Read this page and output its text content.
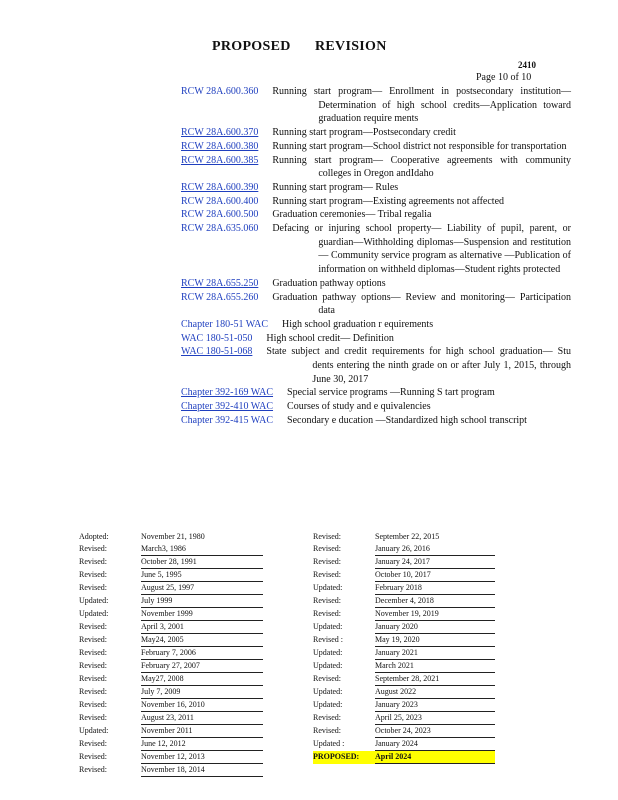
PROPOSED REVISION
2410
Page 10 of 10
RCW 28A.600.360 Running start program— Enrollment in postsecondary institution—Determination of high school credits—Application toward graduation require ments
RCW 28A.600.370 Running start program—Postsecondary credit
RCW 28A.600.380 Running start program—School district not responsible for transportation
RCW 28A.600.385 Running start program— Cooperative agreements with community colleges in Oregon andIdaho
RCW 28A.600.390 Running start program— Rules
RCW 28A.600.400 Running start program—Existing agreements not affected
RCW 28A.600.500 Graduation ceremonies— Tribal regalia
RCW 28A.635.060 Defacing or injuring school property— Liability of pupil, parent, or guardian—Withholding diplomas—Suspension and restitution— Community service program as alternative —Publication of information on withheld diplomas—Student rights protected
RCW 28A.655.250 Graduation pathway options
RCW 28A.655.260 Graduation pathway options— Review and monitoring— Participation data
Chapter 180-51 WAC High school graduation r equirements
WAC 180-51-050 High school credit— Definition
WAC 180-51-068 State subject and credit requirements for high school graduation— Stu dents entering the ninth grade on or after July 1, 2015, through June 30, 2017
Chapter 392-169 WAC Special service programs —Running S tart program
Chapter 392-410 WAC Courses of study and e quivalencies
Chapter 392-415 WAC Secondary e ducation —Standardized high school transcript
Adopted:	November 21, 1980
Revised:	March3, 1986
Revised:	October 28, 1991
Revised:	June 5, 1995
Revised:	August 25, 1997
Updated:	July 1999
Updated:	November 1999
Revised:	April 3, 2001
Revised:	May24, 2005
Revised:	February 7, 2006
Revised:	February 27, 2007
Revised:	May27, 2008
Revised:	July 7, 2009
Revised:	November 16, 2010
Revised:	August 23, 2011
Updated:	November 2011
Revised:	June 12, 2012
Revised:	November 12, 2013
Revised:	November 18, 2014
Revised:	September 22, 2015
Revised:	January 26, 2016
Revised:	January 24, 2017
Revised:	October 10, 2017
Updated:	February 2018
Revised:	December 4, 2018
Revised:	November 19, 2019
Updated:	January 2020
Revised :	May 19, 2020
Updated:	January 2021
Updated:	March 2021
Revised:	September 28, 2021
Updated:	August 2022
Updated:	January 2023
Revised:	April 25, 2023
Revised:	October 24, 2023
Updated :	January 2024
PROPOSED:	April 2024
